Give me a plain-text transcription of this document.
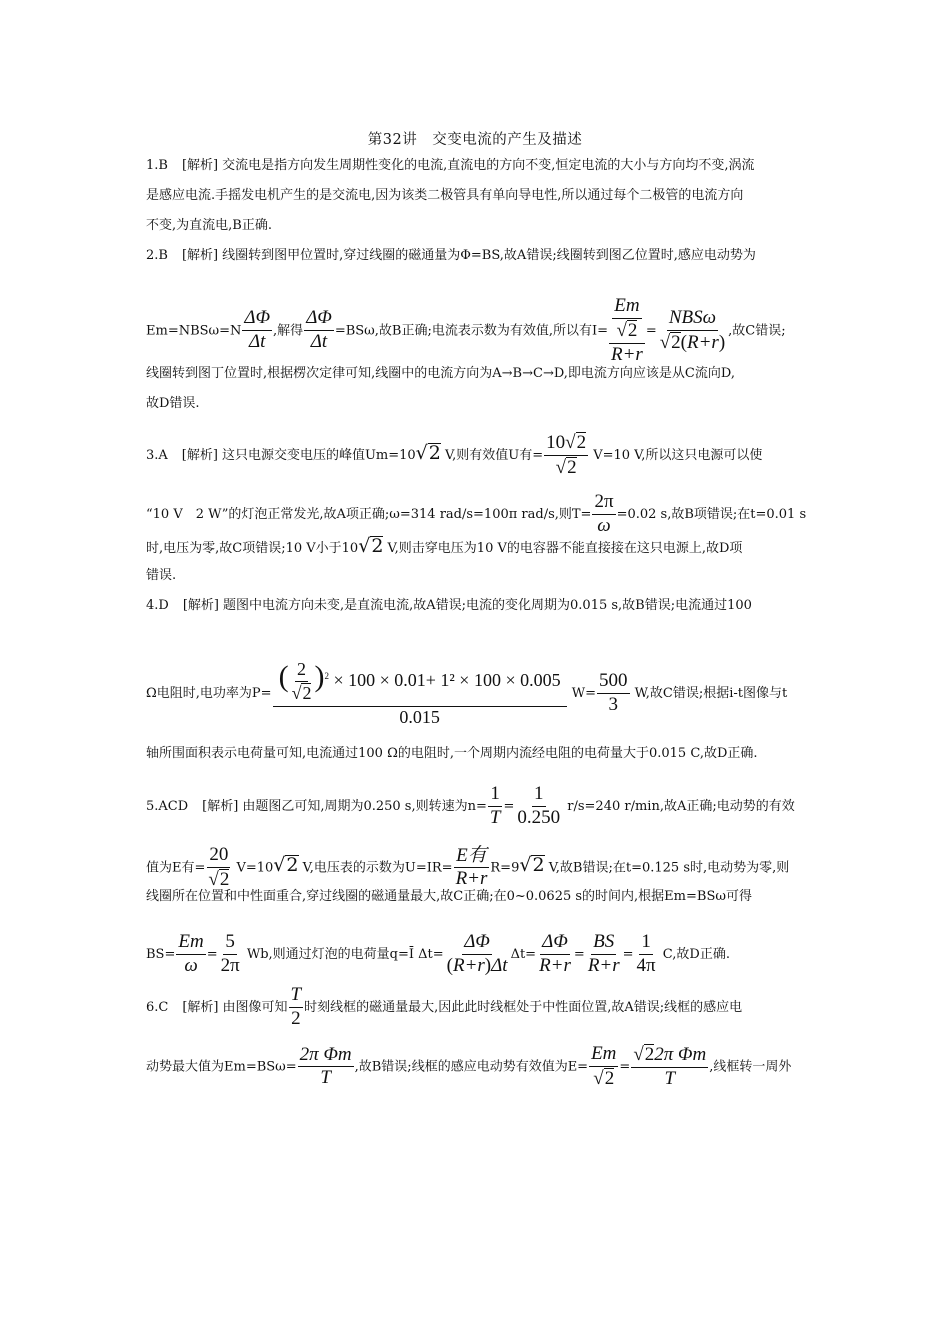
第32讲　交变电流的产生及描述
1.B [解析] 交流电是指方向发生周期性变化的电流,直流电的方向不变,恒定电流的大小与方向均不变,涡流
是感应电流.手摇发电机产生的是交流电,因为该类二极管具有单向导电性,所以通过每个二极管的电流方向
不变,为直流电,B正确.
2.B [解析] 线圈转到图甲位置时,穿过线圈的磁通量为Φ=BS,故A错误;线圈转到图乙位置时,感应电动势为
$Em=NBS\omega=N \frac{\Delta\Phi}{\Delta t}$ ,解得 $\frac{\Delta\Phi}{\Delta t} =BS\omega$,故B正确;电流表示数为有效值,所以有$I= \frac{\frac{Em}{√2}}{R+r} = \frac{\text{NBSω}}{√2(R+r)}$ ,故C错误;
线圈转到图丁位置时,根据楞次定律可知,线圈中的电流方向为A→B→C→D,即电流方向应该是从C流向D,
故D错误.
3.A [解析] 这只电源交变电压的峰值Um=10√2 V,则有效值U有= $\frac{10√2}{√2} V=10$ V,所以这只电源可以使
“10 V　2 W”的灯泡正常发光,故A项正确;ω=314 rad/s=100π rad/s,则$T= \frac{2\pi}{\omega} =0.02$ s,故B项错误;在t=0.01 s
时,电压为零,故C项错误;10 V小于10√2 V,则击穿电压为10 V的电容器不能直接接在这只电源上,故D项
错误.
4.D [解析] 题图中电流方向未变,是直流电流,故A错误;电流的变化周期为0.015 s,故B错误;电流通过100
Ω电阻时,电功率为$P= \frac{( \frac{2}{√2} )^2 \times 100 \times 0.01+ 1^2 \times 100 \times 0.005}{0.015} W= \frac{500}{3} W$,故C错误;根据i-t图像与t
轴所围面积表示电荷量可知,电流通过100 Ω的电阻时,一个周期内流经电阻的电荷量大于0.015 C,故D正确.
5.ACD [解析] 由题图乙可知,周期为0.250 s,则转速为$n= \frac{1}{T} = \frac{1}{0.250} r/s=240$ r/min,故A正确;电动势的有效
值为E有= $\frac{20}{√2} V=10√2$ V,电压表的示数为$U=IR= \frac{\text{E有}}{R+r} R=9√2$ V,故B错误;在t=0.125 s时,电动势为零,则
线圈所在位置和中性面重合,穿过线圈的磁通量最大,故C正确;在0~0.0625 s的时间内,根据Em=BSω可得
$BS= \frac{Em}{\omega} = \frac{5}{2\pi} Wb$,则通过灯泡的电荷量q=Ī $\Delta t= \frac{\Delta\Phi}{(R+r)\Delta t} \Delta t= \frac{\Delta\Phi}{R+r} = \frac{BS}{R+r} = \frac{1}{4\pi} C$,故D正确.
6.C [解析] 由图像可知 $\frac{T}{2}$ 时刻线框的磁通量最大,因此此时线框处于中性面位置,故A错误;线框的感应电
动势最大值为$Em=BS\omega= \frac{\text{2π Φm}}{T}$ ,故B错误;线框的感应电动势有效值为$E= \frac{Em}{√2} = \frac{\text{√22π Φm}}{T}$ ,线框转一周外
